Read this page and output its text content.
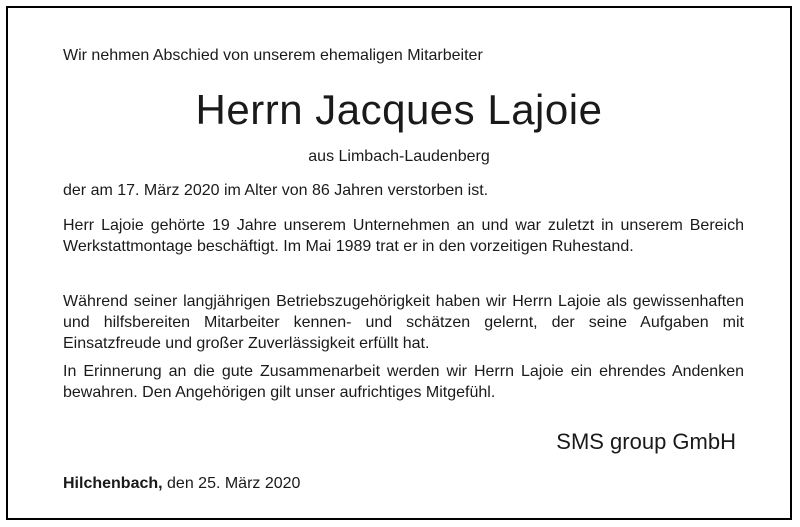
Wir nehmen Abschied von unserem ehemaligen Mitarbeiter
Herrn Jacques Lajoie
aus Limbach-Laudenberg
der am 17. März 2020 im Alter von 86 Jahren verstorben ist.
Herr Lajoie gehörte 19 Jahre unserem Unternehmen an und war zuletzt in unserem Bereich Werkstattmontage beschäftigt. Im Mai 1989 trat er in den vorzeitigen Ruhestand.
Während seiner langjährigen Betriebszugehörigkeit haben wir Herrn Lajoie als gewissenhaften und hilfsbereiten Mitarbeiter kennen- und schätzen gelernt, der seine Aufgaben mit Einsatzfreude und großer Zuverlässigkeit erfüllt hat.
In Erinnerung an die gute Zusammenarbeit werden wir Herrn Lajoie ein ehrendes Andenken bewahren. Den Angehörigen gilt unser aufrichtiges Mitgefühl.
SMS group GmbH
Hilchenbach, den 25. März 2020
